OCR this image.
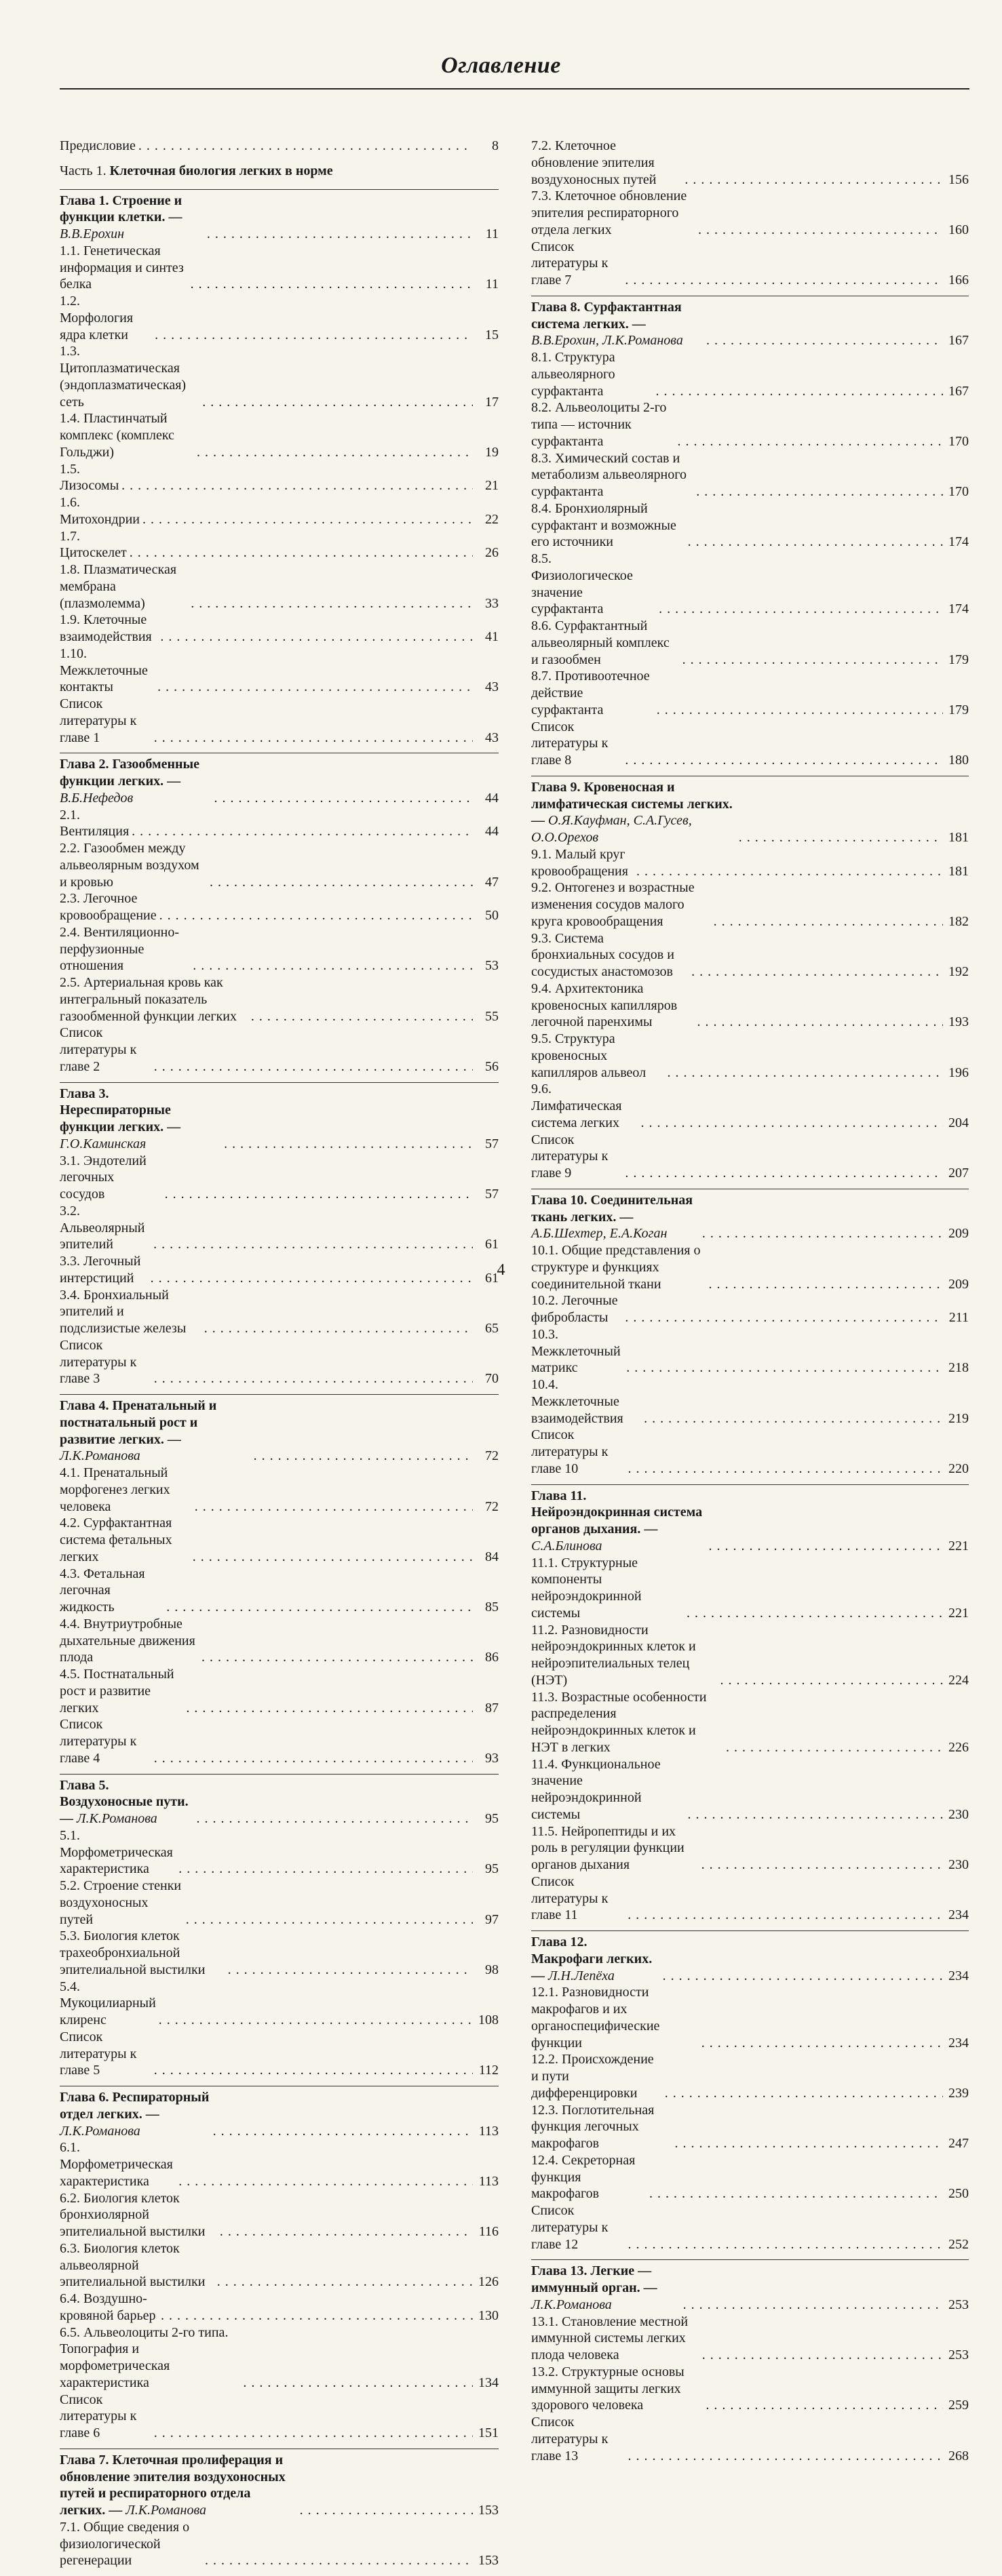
Оглавление
Предисловие . . .	8
Часть 1. Клеточная биология легких в норме
Глава 1. Строение и функции клетки. — В.В.Ерохин . . .	11
1.1. Генетическая информация и синтез белка . . .	11
1.2. Морфология ядра клетки . . .	15
1.3. Цитоплазматическая (эндоплазматическая) сеть . . .	17
1.4. Пластинчатый комплекс (комплекс Гольджи) . . .	19
1.5. Лизосомы . . .	21
1.6. Митохондрии . . .	22
1.7. Цитоскелет . . .	26
1.8. Плазматическая мембрана (плазмолемма) . . .	33
1.9. Клеточные взаимодействия . . .	41
1.10. Межклеточные контакты . . .	43
Список литературы к главе 1 . . .	43
Глава 2. Газообменные функции легких. — В.Б.Нефедов . . .	44
2.1. Вентиляция . . .	44
2.2. Газообмен между альвеолярным воздухом и кровью . . .	47
2.3. Легочное кровообращение . . .	50
2.4. Вентиляционно-перфузионные отношения . . .	53
2.5. Артериальная кровь как интегральный показатель газообменной функции легких . . .	55
Список литературы к главе 2 . . .	56
Глава 3. Нереспираторные функции легких. — Г.О.Каминская . . .	57
3.1. Эндотелий легочных сосудов . . .	57
3.2. Альвеолярный эпителий . . .	61
3.3. Легочный интерстиций . . .	61
3.4. Бронхиальный эпителий и подслизистые железы . . .	65
Список литературы к главе 3 . . .	70
Глава 4. Пренатальный и постнатальный рост и развитие легких. — Л.К.Романова . . .	72
4.1. Пренатальный морфогенез легких человека . . .	72
4.2. Сурфактантная система фетальных легких . . .	84
4.3. Фетальная легочная жидкость . . .	85
4.4. Внутриутробные дыхательные движения плода . . .	86
4.5. Постнатальный рост и развитие легких . . .	87
Список литературы к главе 4 . . .	93
Глава 5. Воздухоносные пути. — Л.К.Романова . . .	95
5.1. Морфометрическая характеристика . . .	95
5.2. Строение стенки воздухоносных путей . . .	97
5.3. Биология клеток трахеобронхиальной эпителиальной выстилки . . .	98
5.4. Мукоцилиарный клиренс . . .	108
Список литературы к главе 5 . . .	112
Глава 6. Респираторный отдел легких. — Л.К.Романова . . .	113
6.1. Морфометрическая характеристика . . .	113
6.2. Биология клеток бронхиолярной эпителиальной выстилки . . .	116
6.3. Биология клеток альвеолярной эпителиальной выстилки . . .	126
6.4. Воздушно-кровяной барьер . . .	130
6.5. Альвеолоциты 2-го типа. Топография и морфометрическая характеристика . . .	134
Список литературы к главе 6 . . .	151
Глава 7. Клеточная пролиферация и обновление эпителия воздухоносных путей и респираторного отдела легких. — Л.К.Романова . . .	153
7.1. Общие сведения о физиологической регенерации . . .	153
7.2. Клеточное обновление эпителия воздухоносных путей . . .	156
7.3. Клеточное обновление эпителия респираторного отдела легких . . .	160
Список литературы к главе 7 . . .	166
Глава 8. Сурфактантная система легких. — В.В.Ерохин, Л.К.Романова . . .	167
8.1. Структура альвеолярного сурфактанта . . .	167
8.2. Альвеолоциты 2-го типа — источник сурфактанта . . .	170
8.3. Химический состав и метаболизм альвеолярного сурфактанта . . .	170
8.4. Бронхиолярный сурфактант и возможные его источники . . .	174
8.5. Физиологическое значение сурфактанта . . .	174
8.6. Сурфактантный альвеолярный комплекс и газообмен . . .	179
8.7. Противоотечное действие сурфактанта . . .	179
Список литературы к главе 8 . . .	180
Глава 9. Кровеносная и лимфатическая системы легких. — О.Я.Кауфман, С.А.Гусев, О.О.Орехов . . .	181
9.1. Малый круг кровообращения . . .	181
9.2. Онтогенез и возрастные изменения сосудов малого круга кровообращения . . .	182
9.3. Система бронхиальных сосудов и сосудистых анастомозов . . .	192
9.4. Архитектоника кровеносных капилляров легочной паренхимы . . .	193
9.5. Структура кровеносных капилляров альвеол . . .	196
9.6. Лимфатическая система легких . . .	204
Список литературы к главе 9 . . .	207
Глава 10. Соединительная ткань легких. — А.Б.Шехтер, Е.А.Коган . . .	209
10.1. Общие представления о структуре и функциях соединительной ткани . . .	209
10.2. Легочные фибробласты . . .	211
10.3. Межклеточный матрикс . . .	218
10.4. Межклеточные взаимодействия . . .	219
Список литературы к главе 10 . . .	220
Глава 11. Нейроэндокринная система органов дыхания. — С.А.Блинова . . .	221
11.1. Структурные компоненты нейроэндокринной системы . . .	221
11.2. Разновидности нейроэндокринных клеток и нейроэпителиальных телец (НЭТ) . . .	224
11.3. Возрастные особенности распределения нейроэндокринных клеток и НЭТ в легких . . .	226
11.4. Функциональное значение нейроэндокринной системы . . .	230
11.5. Нейропептиды и их роль в регуляции функции органов дыхания . . .	230
Список литературы к главе 11 . . .	234
Глава 12. Макрофаги легких. — Л.Н.Лепёха . . .	234
12.1. Разновидности макрофагов и их органоспецифические функции . . .	234
12.2. Происхождение и пути дифференцировки . . .	239
12.3. Поглотительная функция легочных макрофагов . . .	247
12.4. Секреторная функция макрофагов . . .	250
Список литературы к главе 12 . . .	252
Глава 13. Легкие — иммунный орган. — Л.К.Романова . . .	253
13.1. Становление местной иммунной системы легких плода человека . . .	253
13.2. Структурные основы иммунной защиты легких здорового человека . . .	259
Список литературы к главе 13 . . .	268
4
